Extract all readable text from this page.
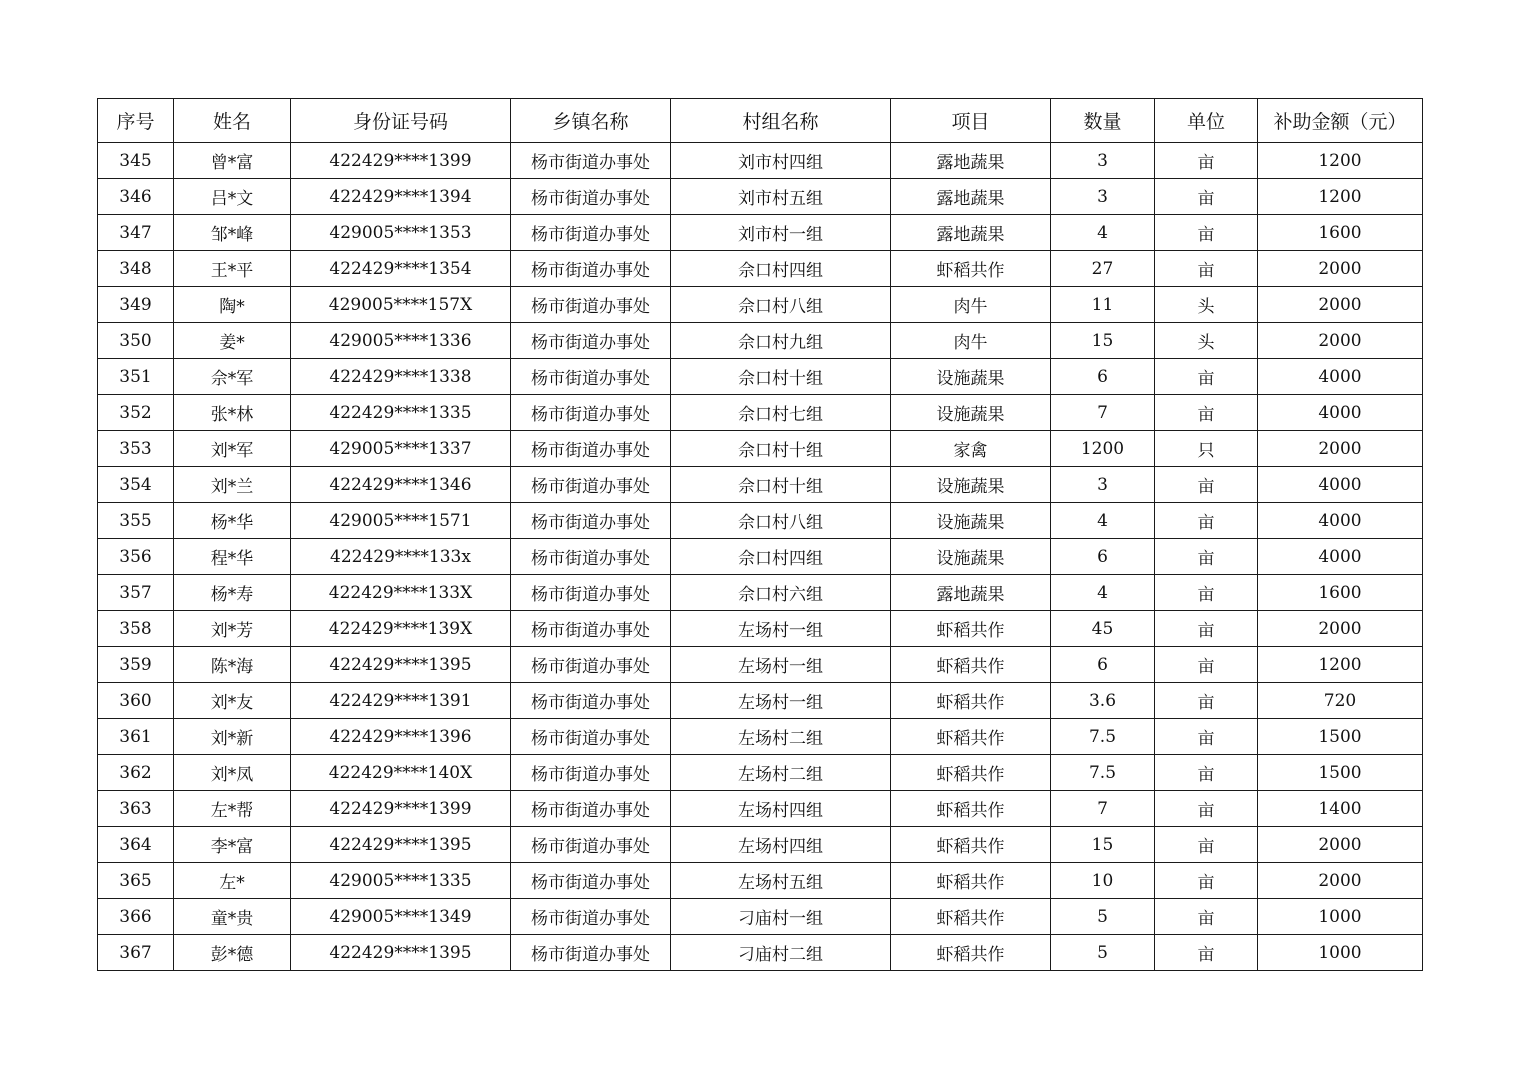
序号	姓名	身份证号码	乡镇名称	村组名称	项目	数量	单位	补助金额（元）
345	曾*富	422429****1399	杨市街道办事处	刘市村四组	露地蔬果	3	亩	1200
346	吕*文	422429****1394	杨市街道办事处	刘市村五组	露地蔬果	3	亩	1200
347	邹*峰	429005****1353	杨市街道办事处	刘市村一组	露地蔬果	4	亩	1600
348	王*平	422429****1354	杨市街道办事处	佘口村四组	虾稻共作	27	亩	2000
349	陶*	429005****157X	杨市街道办事处	佘口村八组	肉牛	11	头	2000
350	姜*	429005****1336	杨市街道办事处	佘口村九组	肉牛	15	头	2000
351	佘*军	422429****1338	杨市街道办事处	佘口村十组	设施蔬果	6	亩	4000
352	张*林	422429****1335	杨市街道办事处	佘口村七组	设施蔬果	7	亩	4000
353	刘*军	429005****1337	杨市街道办事处	佘口村十组	家禽	1200	只	2000
354	刘*兰	422429****1346	杨市街道办事处	佘口村十组	设施蔬果	3	亩	4000
355	杨*华	429005****1571	杨市街道办事处	佘口村八组	设施蔬果	4	亩	4000
356	程*华	422429****133x	杨市街道办事处	佘口村四组	设施蔬果	6	亩	4000
357	杨*寿	422429****133X	杨市街道办事处	佘口村六组	露地蔬果	4	亩	1600
358	刘*芳	422429****139X	杨市街道办事处	左场村一组	虾稻共作	45	亩	2000
359	陈*海	422429****1395	杨市街道办事处	左场村一组	虾稻共作	6	亩	1200
360	刘*友	422429****1391	杨市街道办事处	左场村一组	虾稻共作	3.6	亩	720
361	刘*新	422429****1396	杨市街道办事处	左场村二组	虾稻共作	7.5	亩	1500
362	刘*凤	422429****140X	杨市街道办事处	左场村二组	虾稻共作	7.5	亩	1500
363	左*帮	422429****1399	杨市街道办事处	左场村四组	虾稻共作	7	亩	1400
364	李*富	422429****1395	杨市街道办事处	左场村四组	虾稻共作	15	亩	2000
365	左*	429005****1335	杨市街道办事处	左场村五组	虾稻共作	10	亩	2000
366	童*贵	429005****1349	杨市街道办事处	刁庙村一组	虾稻共作	5	亩	1000
367	彭*德	422429****1395	杨市街道办事处	刁庙村二组	虾稻共作	5	亩	1000
